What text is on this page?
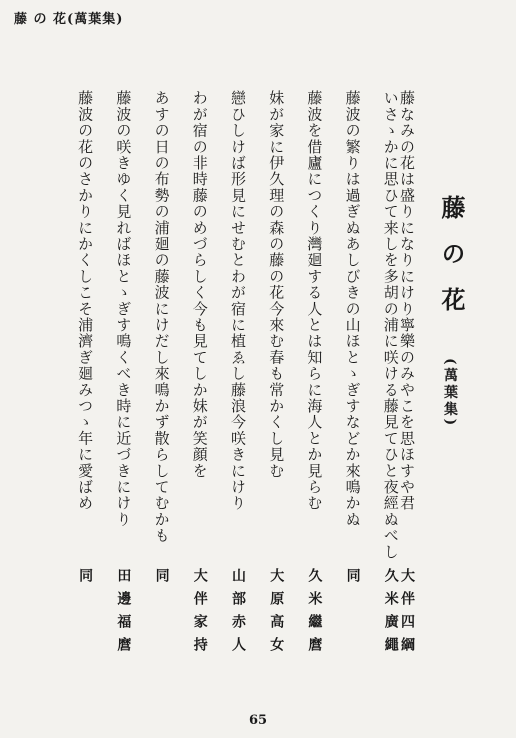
藤 の 花(萬葉集)
藤の花
(萬葉集)
藤なみの花は盛りになりにけり寧樂のみやこを思ほすや君
大伴四綱
いさゝかに思ひて来しを多胡の浦に咲ける藤見てひと夜經ぬべし
久米廣繩
藤波の繁りは過ぎぬあしびきの山ほとゝぎすなどか來鳴かぬ
同
藤波を借廬につくり灣廻する人とは知らに海人とか見らむ
久米繼麿
妹が家に伊久理の森の藤の花今來む春も常かくし見む
大原高女
戀ひしけば形見にせむとわが宿に植ゑし藤浪今咲きにけり
山部赤人
わが宿の非時藤のめづらしく今も見てしか妹が笑顔を
大伴家持
あすの日の布勢の浦廻の藤波にけだし來鳴かず散らしてむかも
同
藤波の咲きゆく見ればほとゝぎす鳴くべき時に近づきにけり
田邊福麿
藤波の花のさかりにかくしこそ浦濟ぎ廻みつゝ年に愛ばめ
同
65
